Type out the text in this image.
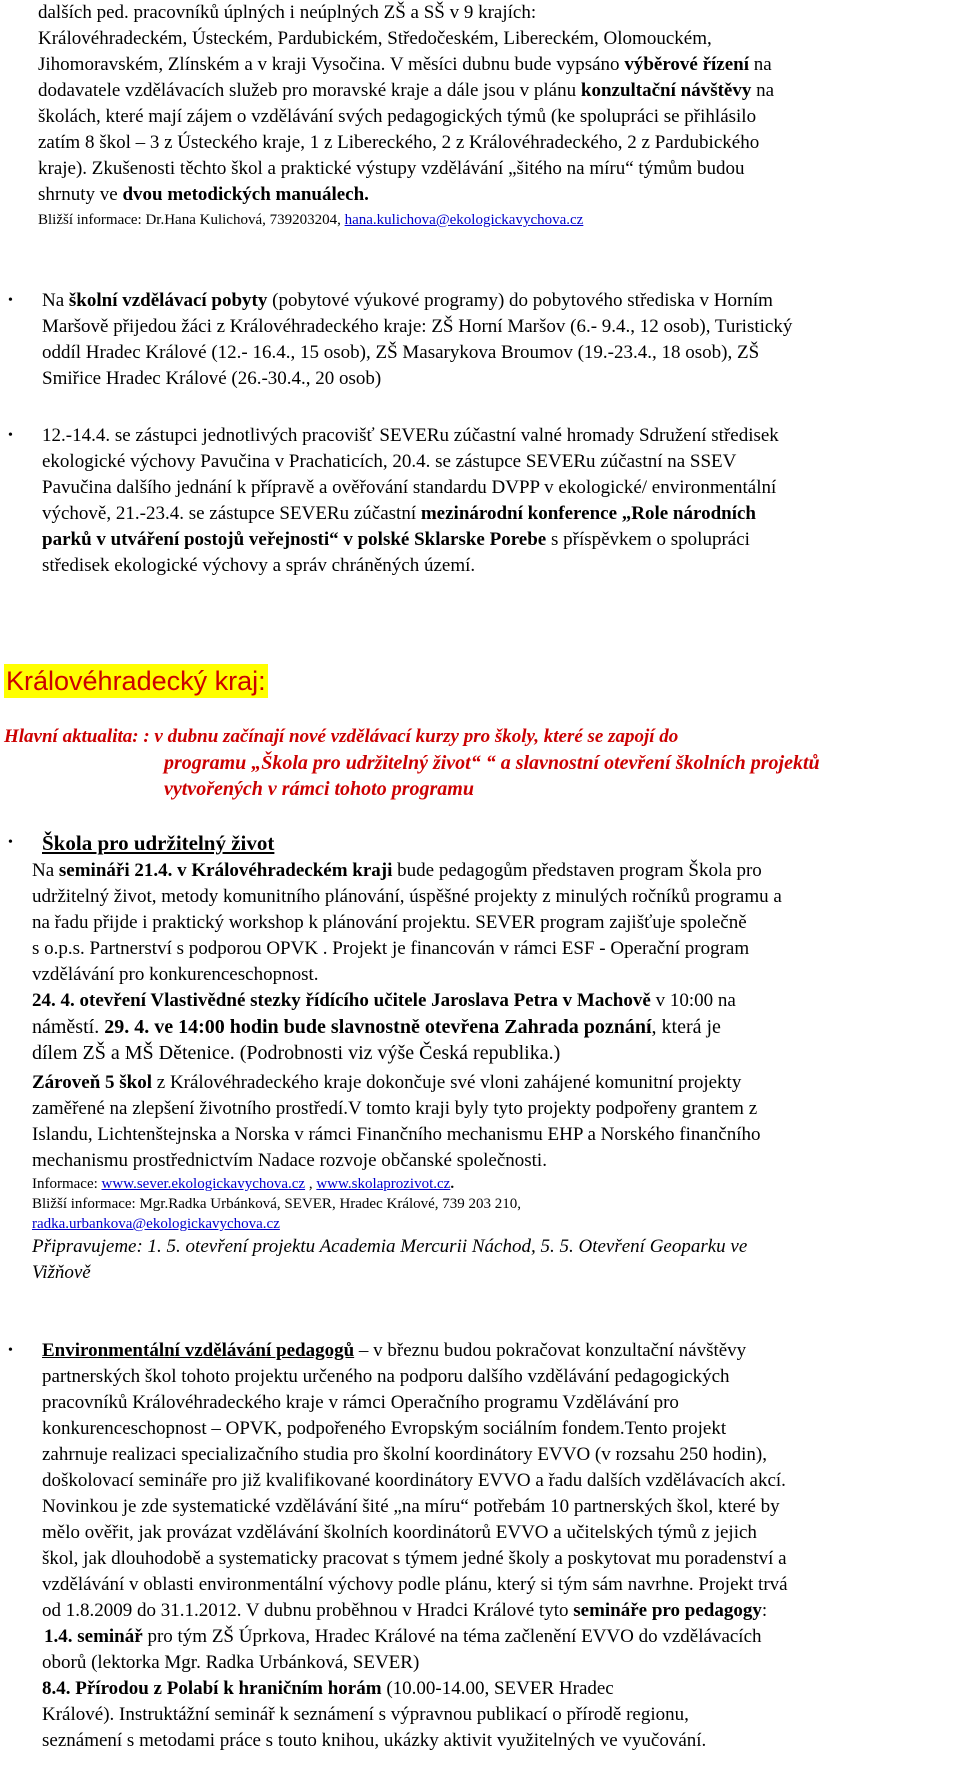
dalších ped. pracovníků úplných i neúplných ZŠ a SŠ v 9 krajích:

Královéhradeckém, Ústeckém, Pardubickém, Středočeském, Libereckém, Olomouckém,

Jihomoravském, Zlínském a v kraji Vysočina. V měsíci dubnu bude vypsáno výběrové řízení na

dodavatele vzdělávacích služeb pro moravské kraje a dále jsou v plánu konzultační návštěvy na

školách, které mají zájem o vzdělávání svých pedagogických týmů (ke spolupráci se přihlásilo

zatím 8 škol – 3 z Ústeckého kraje, 1 z Libereckého, 2 z Královéhradeckého, 2 z Pardubického

kraje). Zkušenosti těchto škol a praktické výstupy vzdělávání „šitého na míru“ týmům budou

shrnuty ve dvou metodických manuálech.

Bližší informace: Dr.Hana Kulichová, 739203204, hana.kulichova@ekologickavychova.cz

• Na školní vzdělávací pobyty (pobytové výukové programy) do pobytového střediska v Horním

Maršově přijedou žáci z Královéhradeckého kraje: ZŠ Horní Maršov (6.- 9.4., 12 osob), Turistický

oddíl Hradec Králové (12.- 16.4., 15 osob), ZŠ Masarykova Broumov (19.-23.4., 18 osob), ZŠ

Smiřice Hradec Králové (26.-30.4., 20 osob)

• 12.-14.4. se zástupci jednotlivých pracovišť SEVERu zúčastní valné hromady Sdružení středisek

ekologické výchovy Pavučina v Prachaticích, 20.4. se zástupce SEVERu zúčastní na SSEV

Pavučina dalšího jednání k přípravě a ověřování standardu DVPP v ekologické/ environmentální

výchově, 21.-23.4. se zástupce SEVERu zúčastní mezinárodní konference „Role národních

parků v utváření postojů veřejnosti“ v polské Sklarske Porebe s příspěvkem o spolupráci

středisek ekologické výchovy a správ chráněných území.

Královéhradecký kraj:

Hlavní aktualita: : v dubnu začínají nové vzdělávací kurzy pro školy, které se zapojí do

programu „Škola pro udržitelný život“ “ a slavnostní otevření školních projektů

vytvořených v rámci tohoto programu

• Škola pro udržitelný život

Na semináři 21.4. v Královéhradeckém kraji bude pedagogům představen program Škola pro

udržitelný život, metody komunitního plánování, úspěšné projekty z minulých ročníků programu a

na řadu přijde i praktický workshop k plánování projektu. SEVER program zajišťuje společně

s o.p.s. Partnerství s podporou OPVK . Projekt je financován v rámci ESF - Operační program

vzdělávání pro konkurenceschopnost.

24. 4. otevření Vlastivědné stezky řídícího učitele Jaroslava Petra v Machově v 10:00 na

náměstí. 29. 4. ve 14:00 hodin bude slavnostně otevřena Zahrada poznání, která je

dílem ZŠ a MŠ Dětenice. (Podrobnosti viz výše Česká republika.)

Zároveň 5 škol z Královéhradeckého kraje dokončuje své vloni zahájené komunitní projekty

zaměřené na zlepšení životního prostředí.V tomto kraji byly tyto projekty podpořeny grantem z

Islandu, Lichtenštejnska a Norska v rámci Finančního mechanismu EHP a Norského finančního

mechanismu prostřednictvím Nadace rozvoje občanské společnosti.

Informace: www.sever.ekologickavychova.cz , www.skolaprozivot.cz.

Bližší informace: Mgr.Radka Urbánková, SEVER, Hradec Králové, 739 203 210,

radka.urbankova@ekologickavychova.cz

Připravujeme: 1. 5. otevření projektu Academia Mercurii Náchod, 5. 5. Otevření Geoparku ve

Vižňově

• Environmentální vzdělávání pedagogů – v březnu budou pokračovat konzultační návštěvy

partnerských škol tohoto projektu určeného na podporu dalšího vzdělávání pedagogických

pracovníků Královéhradeckého kraje v rámci Operačního programu Vzdělávání pro

konkurenceschopnost – OPVK, podpořeného Evropským sociálním fondem.Tento projekt

zahrnuje realizaci specializačního studia pro školní koordinátory EVVO (v rozsahu 250 hodin),

doškolovací semináře pro již kvalifikované koordinátory EVVO a řadu dalších vzdělávacích akcí.

Novinkou je zde systematické vzdělávání šité „na míru“ potřebám 10 partnerských škol, které by

mělo ověřit, jak provázat vzdělávání školních koordinátorů EVVO a učitelských týmů z jejich

škol, jak dlouhodobě a systematicky pracovat s týmem jedné školy a poskytovat mu poradenství a

vzdělávání v oblasti environmentální výchovy podle plánu, který si tým sám navrhne. Projekt trvá

od 1.8.2009 do 31.1.2012. V dubnu proběhnou v Hradci Králové tyto semináře pro pedagogy:

1.4. seminář pro tým ZŠ Úprkova, Hradec Králové na téma začlenění EVVO do vzdělávacích

oborů (lektorka Mgr. Radka Urbánková, SEVER)

8.4. Přírodou z Polabí k hraničním horám (10.00-14.00, SEVER Hradec

Králové). Instruktážní seminář k seznámení s výpravnou publikací o přírodě regionu,

seznámení s metodami práce s touto knihou, ukázky aktivit využitelných ve vyučování.
